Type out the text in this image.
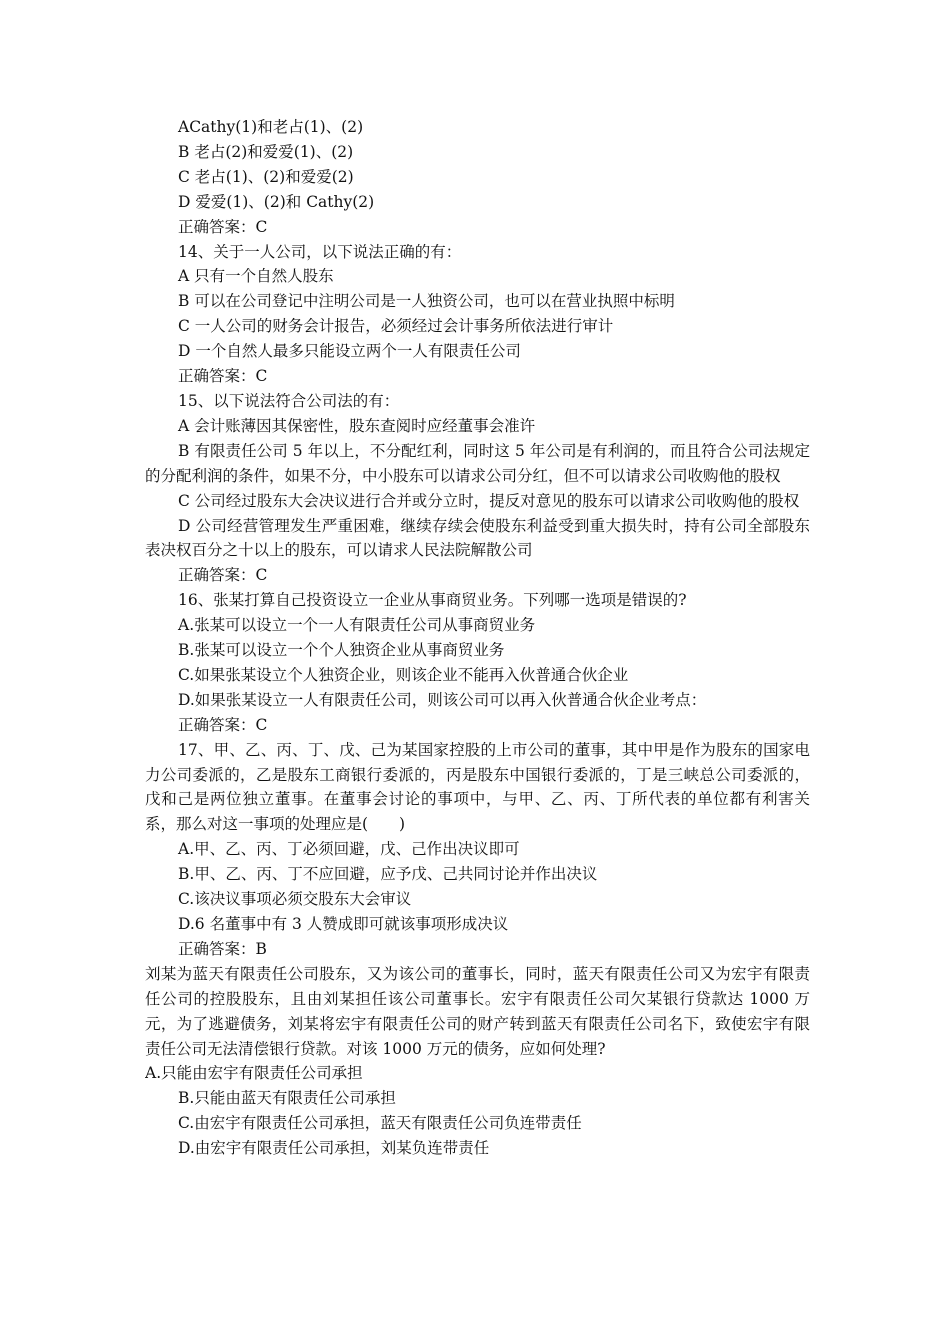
ACathy(1)和老占(1)、(2)
B 老占(2)和爱爱(1)、(2)
C 老占(1)、(2)和爱爱(2)
D 爱爱(1)、(2)和 Cathy(2)
正确答案：C
14、关于一人公司，以下说法正确的有：
A 只有一个自然人股东
B 可以在公司登记中注明公司是一人独资公司，也可以在营业执照中标明
C 一人公司的财务会计报告，必须经过会计事务所依法进行审计
D 一个自然人最多只能设立两个一人有限责任公司
正确答案：C
15、以下说法符合公司法的有：
A 会计账薄因其保密性，股东查阅时应经董事会准许
B 有限责任公司 5 年以上，不分配红利，同时这 5 年公司是有利润的，而且符合公司法规定的分配利润的条件，如果不分，中小股东可以请求公司分红，但不可以请求公司收购他的股权
C 公司经过股东大会决议进行合并或分立时，提反对意见的股东可以请求公司收购他的股权
D 公司经营管理发生严重困难，继续存续会使股东利益受到重大损失时，持有公司全部股东表决权百分之十以上的股东，可以请求人民法院解散公司
正确答案：C
16、张某打算自己投资设立一企业从事商贸业务。下列哪一选项是错误的?
A.张某可以设立一个一人有限责任公司从事商贸业务
B.张某可以设立一个个人独资企业从事商贸业务
C.如果张某设立个人独资企业，则该企业不能再入伙普通合伙企业
D.如果张某设立一人有限责任公司，则该公司可以再入伙普通合伙企业考点：
正确答案：C
17、甲、乙、丙、丁、戊、己为某国家控股的上市公司的董事，其中甲是作为股东的国家电力公司委派的，乙是股东工商银行委派的，丙是股东中国银行委派的，丁是三峡总公司委派的，戊和己是两位独立董事。在董事会讨论的事项中，与甲、乙、丙、丁所代表的单位都有利害关系，那么对这一事项的处理应是(　　)
A.甲、乙、丙、丁必须回避，戊、己作出决议即可
B.甲、乙、丙、丁不应回避，应予戊、己共同讨论并作出决议
C.该决议事项必须交股东大会审议
D.6 名董事中有 3 人赞成即可就该事项形成决议
正确答案：B
刘某为蓝天有限责任公司股东，又为该公司的董事长，同时，蓝天有限责任公司又为宏宇有限责任公司的控股股东，且由刘某担任该公司董事长。宏宇有限责任公司欠某银行贷款达 1000 万元，为了逃避债务，刘某将宏宇有限责任公司的财产转到蓝天有限责任公司名下，致使宏宇有限责任公司无法清偿银行贷款。对该 1000 万元的债务，应如何处理?
A.只能由宏宇有限责任公司承担
B.只能由蓝天有限责任公司承担
C.由宏宇有限责任公司承担，蓝天有限责任公司负连带责任
D.由宏宇有限责任公司承担，刘某负连带责任
